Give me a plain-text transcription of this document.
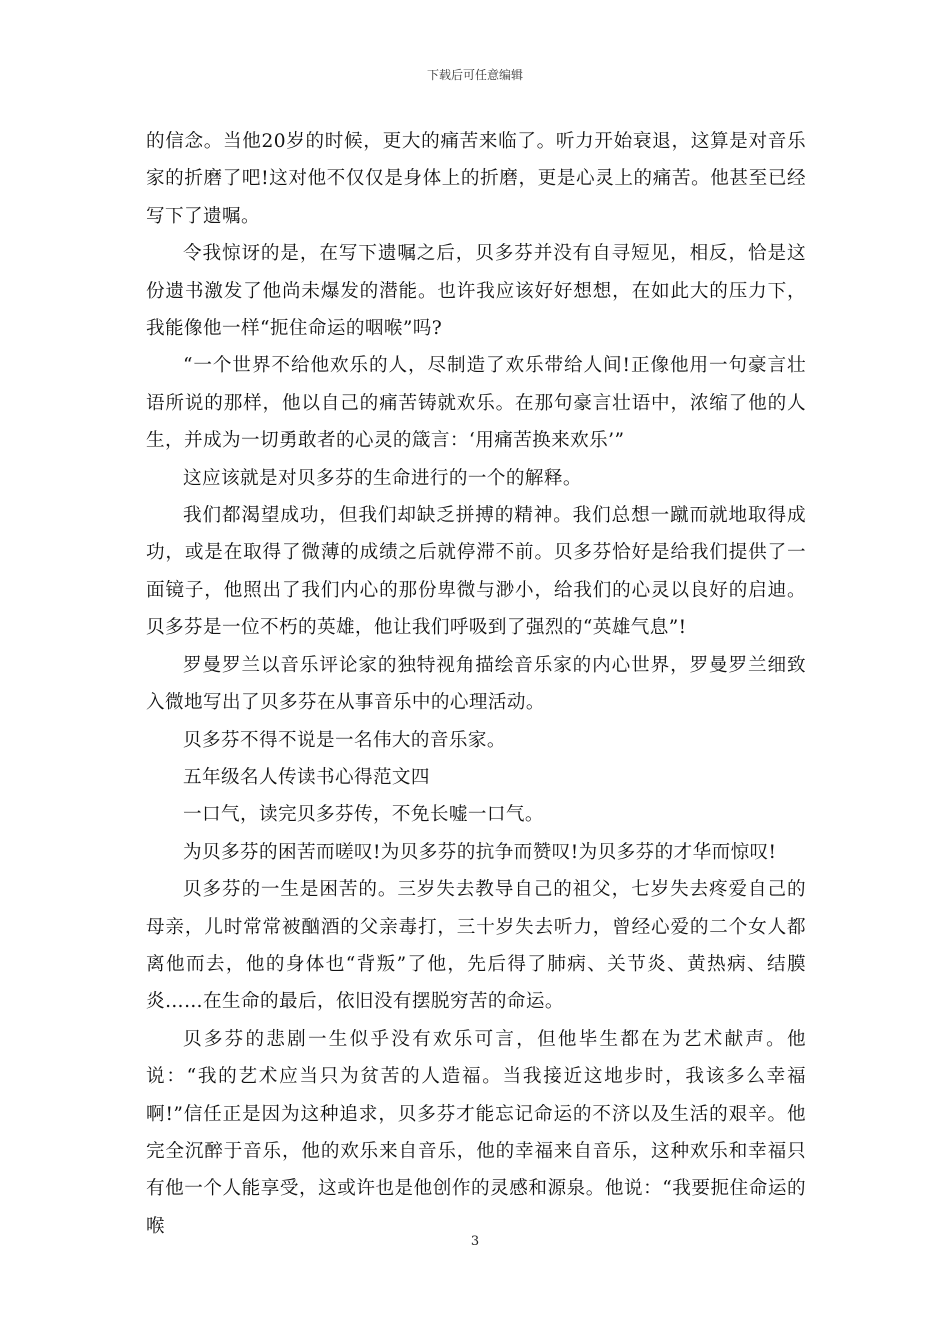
下载后可任意编辑

的信念。当他20岁的时候，更大的痛苦来临了。听力开始衰退，这算是对音乐家的折磨了吧!这对他不仅仅是身体上的折磨，更是心灵上的痛苦。他甚至已经写下了遗嘱。

令我惊讶的是，在写下遗嘱之后，贝多芬并没有自寻短见，相反，恰是这份遗书激发了他尚未爆发的潜能。也许我应该好好想想，在如此大的压力下，我能像他一样“扼住命运的咽喉”吗?

“一个世界不给他欢乐的人，尽制造了欢乐带给人间!正像他用一句豪言壮语所说的那样，他以自己的痛苦铸就欢乐。在那句豪言壮语中，浓缩了他的人生，并成为一切勇敢者的心灵的箴言：‘用痛苦换来欢乐’”

这应该就是对贝多芬的生命进行的一个的解释。

我们都渴望成功，但我们却缺乏拼搏的精神。我们总想一蹴而就地取得成功，或是在取得了微薄的成绩之后就停滞不前。贝多芬恰好是给我们提供了一面镜子，他照出了我们内心的那份卑微与渺小，给我们的心灵以良好的启迪。贝多芬是一位不朽的英雄，他让我们呼吸到了强烈的“英雄气息”!

罗曼罗兰以音乐评论家的独特视角描绘音乐家的内心世界，罗曼罗兰细致入微地写出了贝多芬在从事音乐中的心理活动。

贝多芬不得不说是一名伟大的音乐家。

五年级名人传读书心得范文四

一口气，读完贝多芬传，不免长嘘一口气。

为贝多芬的困苦而嗟叹!为贝多芬的抗争而赞叹!为贝多芬的才华而惊叹!

贝多芬的一生是困苦的。三岁失去教导自己的祖父，七岁失去疼爱自己的母亲，儿时常常被酗酒的父亲毒打，三十岁失去听力，曾经心爱的二个女人都离他而去，他的身体也“背叛”了他，先后得了肺病、关节炎、黄热病、结膜炎……在生命的最后，依旧没有摆脱穷苦的命运。

贝多芬的悲剧一生似乎没有欢乐可言，但他毕生都在为艺术献声。他说：“我的艺术应当只为贫苦的人造福。当我接近这地步时，我该多么幸福啊!”信任正是因为这种追求，贝多芬才能忘记命运的不济以及生活的艰辛。他完全沉醉于音乐，他的欢乐来自音乐，他的幸福来自音乐，这种欢乐和幸福只有他一个人能享受，这或许也是他创作的灵感和源泉。他说：“我要扼住命运的喉

3
